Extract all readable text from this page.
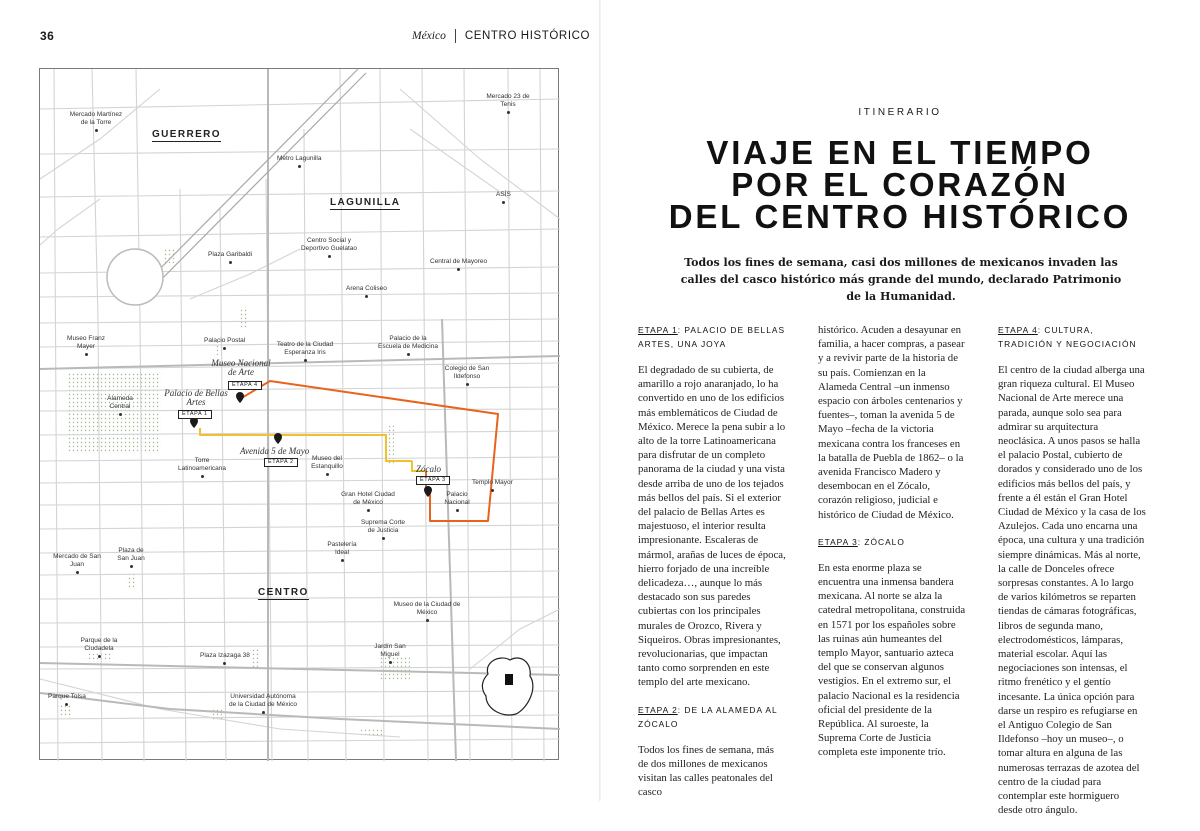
36	México CENTRO HISTÓRICO
GUERRERO
LAGUNILLA
CENTRO
Mercado Martínez de la Torre
Metro Lagunilla
Mercado 23 de Tenis
ASÍS
Centro Social y Deportivo Guelatao
Plaza Garibaldi
Central de Mayoreo
Arena Coliseo
Museo Franz Mayer
Palacio Postal
Teatro de la Ciudad Esperanza Iris
Palacio de la Escuela de Medicina
Colegio de San Ildefonso
Alameda Central
Torre Latinoamericana
Museo del Estanquillo
Templo Mayor
Palacio Nacional
Gran Hotel Ciudad de México
Suprema Corte de Justicia
Pastelería Ideal
Mercado de San Juan
Plaza de San Juan
Museo de la Ciudad de México
Parque de la Ciudadela
Plaza Izazaga 38
Jardín San Miguel
Parque Tolsa	Universidad Autónoma de la Ciudad de México
Palacio de Bellas Artes
Museo Nacional de Arte
Avenida 5 de Mayo
Zócalo
ETAPA 1
ETAPA 2
ETAPA 3
ETAPA 4
ITINERARIO
VIAJE EN EL TIEMPO
POR EL CORAZÓN
DEL CENTRO HISTÓRICO

Todos los fines de semana, casi dos millones de mexicanos invaden las calles del casco histórico más grande del mundo, declarado Patrimonio de la Humanidad.

ETAPA 1: PALACIO DE BELLAS ARTES, UNA JOYA

El degradado de su cubierta, de amarillo a rojo anaranjado, lo ha convertido en uno de los edificios más emblemáticos de Ciudad de México. Merece la pena subir a lo alto de la torre Latinoamericana para disfrutar de un completo panorama de la ciudad y una vista desde arriba de uno de los tejados más bellos del país. Si el exterior del palacio de Bellas Artes es majestuoso, el interior resulta impresionante. Escaleras de mármol, arañas de luces de época, hierro forjado de una increíble delicadeza…, aunque lo más destacado son sus paredes cubiertas con los principales murales de Orozco, Rivera y Siqueiros. Obras impresionantes, revolucionarias, que impactan tanto como sorprenden en este templo del arte mexicano.

ETAPA 2: DE LA ALAMEDA AL ZÓCALO

Todos los fines de semana, más de dos millones de mexicanos visitan las calles peatonales del casco

histórico. Acuden a desayunar en familia, a hacer compras, a pasear y a revivir parte de la historia de su país. Comienzan en la Alameda Central –un inmenso espacio con árboles centenarios y fuentes–, toman la avenida 5 de Mayo –fecha de la victoria mexicana contra los franceses en la batalla de Puebla de 1862– o la avenida Francisco Madero y desembocan en el Zócalo, corazón religioso, judicial e histórico de Ciudad de México.

ETAPA 3: ZÓCALO

En esta enorme plaza se encuentra una inmensa bandera mexicana. Al norte se alza la catedral metropolitana, construida en 1571 por los españoles sobre las ruinas aún humeantes del templo Mayor, santuario azteca del que se conservan algunos vestigios. En el extremo sur, el palacio Nacional es la residencia oficial del presidente de la República. Al suroeste, la Suprema Corte de Justicia completa este imponente trío.

ETAPA 4: CULTURA, TRADICIÓN Y NEGOCIACIÓN

El centro de la ciudad alberga una gran riqueza cultural. El Museo Nacional de Arte merece una parada, aunque solo sea para admirar su arquitectura neoclásica. A unos pasos se halla el palacio Postal, cubierto de dorados y considerado uno de los edificios más bellos del país, y frente a él están el Gran Hotel Ciudad de México y la casa de los Azulejos. Cada uno encarna una época, una cultura y una tradición siempre dinámicas. Más al norte, la calle de Donceles ofrece sorpresas constantes. A lo largo de varios kilómetros se reparten tiendas de cámaras fotográficas, libros de segunda mano, electrodomésticos, lámparas, material escolar. Aquí las negociaciones son intensas, el ritmo frenético y el gentío incesante. La única opción para darse un respiro es refugiarse en el Antiguo Colegio de San Ildefonso –hoy un museo–, o tomar altura en alguna de las numerosas terrazas de azotea del centro de la ciudad para contemplar este hormiguero desde otro ángulo.
